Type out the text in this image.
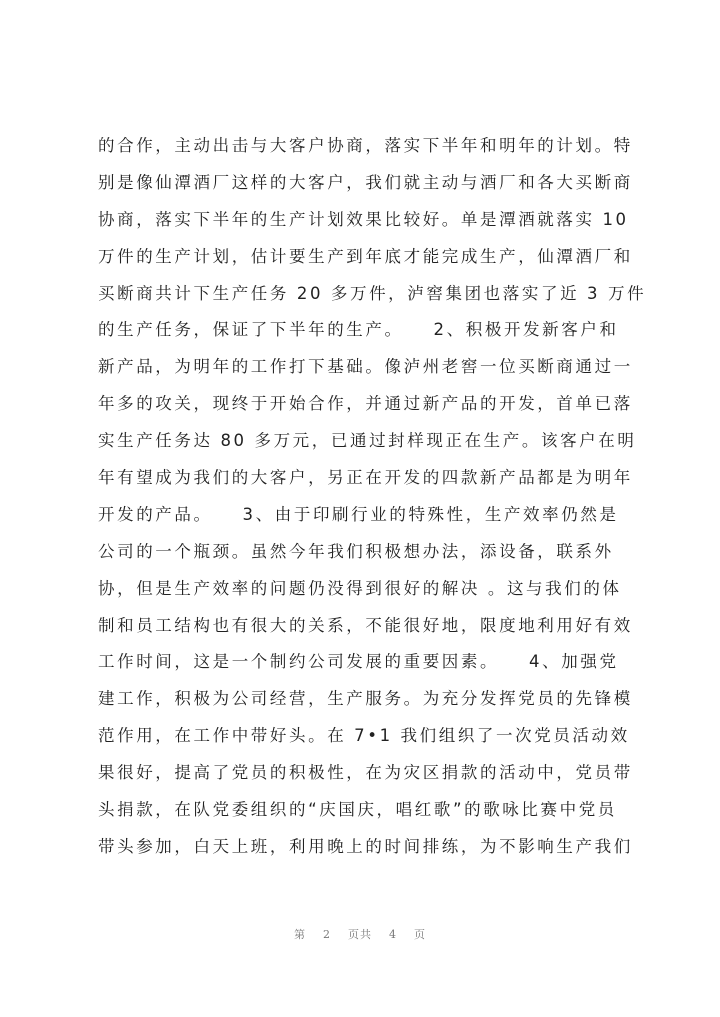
的合作，主动出击与大客户协商，落实下半年和明年的计划。特
别是像仙潭酒厂这样的大客户，我们就主动与酒厂和各大买断商
协商，落实下半年的生产计划效果比较好。单是潭酒就落实 10
万件的生产计划，估计要生产到年底才能完成生产，仙潭酒厂和
买断商共计下生产任务 20 多万件，泸窖集团也落实了近 3 万件
的生产任务，保证了下半年的生产。　　2、积极开发新客户和
新产品，为明年的工作打下基础。像泸州老窖一位买断商通过一
年多的攻关，现终于开始合作，并通过新产品的开发，首单已落
实生产任务达 80 多万元，已通过封样现正在生产。该客户在明
年有望成为我们的大客户，另正在开发的四款新产品都是为明年
开发的产品。　　3、由于印刷行业的特殊性，生产效率仍然是
公司的一个瓶颈。虽然今年我们积极想办法，添设备，联系外
协，但是生产效率的问题仍没得到很好的解决 。这与我们的体
制和员工结构也有很大的关系，不能很好地，限度地利用好有效
工作时间，这是一个制约公司发展的重要因素。　　4、加强党
建工作，积极为公司经营，生产服务。为充分发挥党员的先锋模
范作用，在工作中带好头。在 7•1 我们组织了一次党员活动效
果很好，提高了党员的积极性，在为灾区捐款的活动中，党员带
头捐款，在队党委组织的“庆国庆，唱红歌”的歌咏比赛中党员
带头参加，白天上班，利用晚上的时间排练，为不影响生产我们
第 2 页共 4 页
